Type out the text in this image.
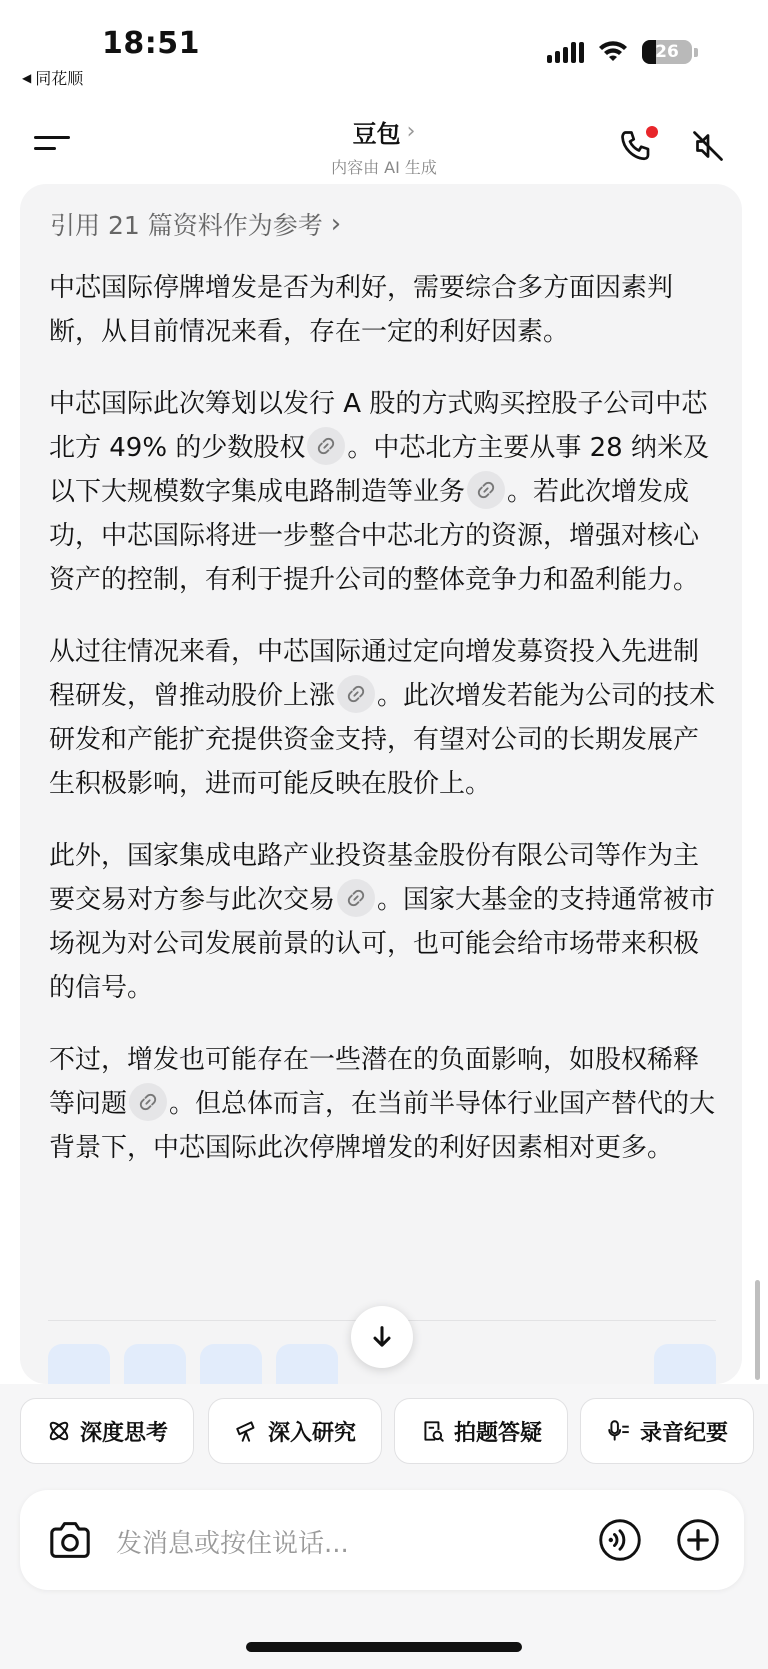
18:51
◀ 同花顺
26
豆包 ›
内容由 AI 生成
引用 21 篇资料作为参考 ›

中芯国际停牌增发是否为利好，需要综合多方面因素判断，从目前情况来看，存在一定的利好因素。

中芯国际此次筹划以发行 A 股的方式购买控股子公司中芯北方 49% 的少数股权 。中芯北方主要从事 28 纳米及以下大规模数字集成电路制造等业务 。若此次增发成功，中芯国际将进一步整合中芯北方的资源，增强对核心资产的控制，有利于提升公司的整体竞争力和盈利能力。

从过往情况来看，中芯国际通过定向增发募资投入先进制程研发，曾推动股价上涨 。此次增发若能为公司的技术研发和产能扩充提供资金支持，有望对公司的长期发展产生积极影响，进而可能反映在股价上。

此外，国家集成电路产业投资基金股份有限公司等作为主要交易对方参与此次交易 。国家大基金的支持通常被市场视为对公司发展前景的认可，也可能会给市场带来积极的信号。

不过，增发也可能存在一些潜在的负面影响，如股权稀释等问题 。但总体而言，在当前半导体行业国产替代的大背景下，中芯国际此次停牌增发的利好因素相对更多。

深度思考	深入研究	拍题答疑	录音纪要
发消息或按住说话...
